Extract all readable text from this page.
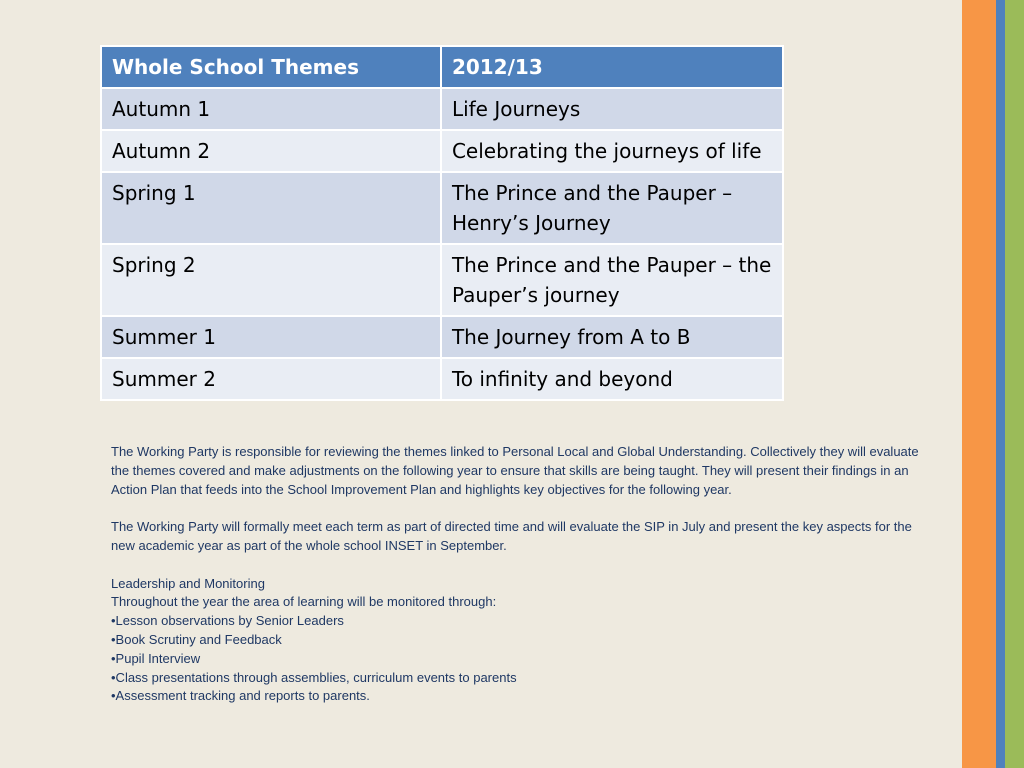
Whole School Themes	2012/13
Autumn 1	Life Journeys
Autumn 2	Celebrating the journeys of life
Spring 1	The Prince and the Pauper – Henry’s Journey
Spring 2	The Prince and the Pauper – the Pauper’s journey
Summer 1	The Journey from A to B
Summer 2	To infinity and beyond

The Working Party is responsible for reviewing the themes linked to Personal Local and Global Understanding. Collectively they will evaluate the themes covered and make adjustments on the following year to ensure that skills are being taught. They will present their findings in an Action Plan that feeds into the School Improvement Plan and highlights key objectives for the following year.

The Working Party will formally meet each term as part of directed time and will evaluate the SIP in July and present the key aspects for the new academic year as part of the whole school INSET in September.

Leadership and Monitoring

Throughout the year the area of learning will be monitored through:

•Lesson observations by Senior Leaders
•Book Scrutiny and Feedback
•Pupil Interview
•Class presentations through assemblies, curriculum events to parents
•Assessment tracking and reports to parents.
